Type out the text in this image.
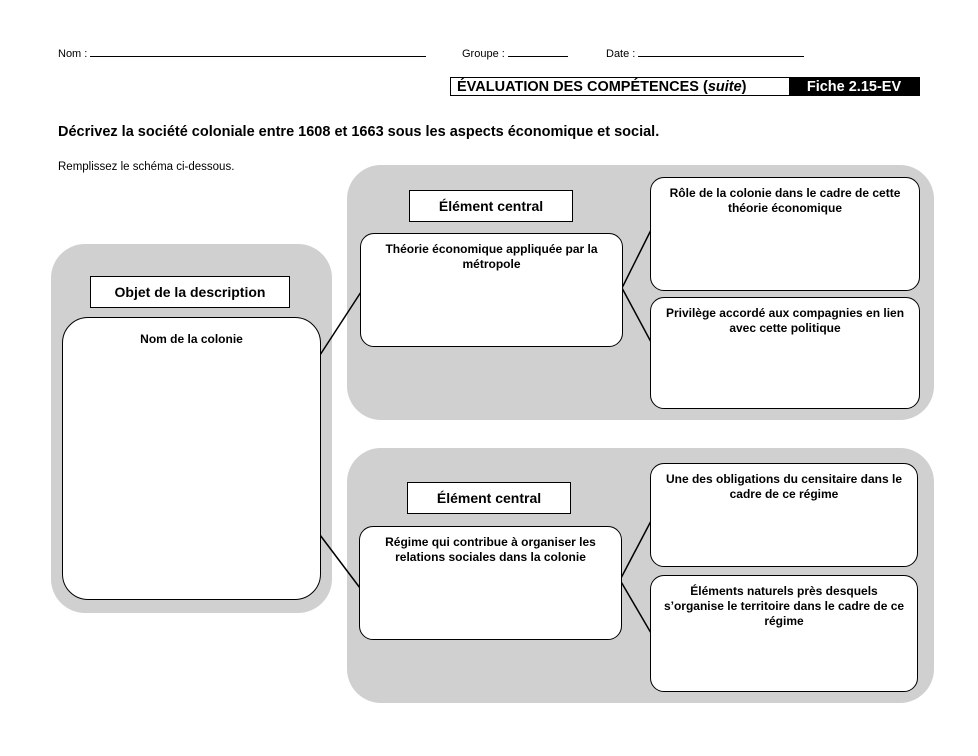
Nom :	Groupe :	Date :
ÉVALUATION DES COMPÉTENCES (suite)	Fiche 2.15-EV
Décrivez la société coloniale entre 1608 et 1663 sous les aspects économique et social.
Remplissez le schéma ci-dessous.
Objet de la description
Nom de la colonie
Élément central
Théorie économique appliquée par la métropole
Rôle de la colonie dans le cadre de cette théorie économique
Privilège accordé aux compagnies en lien avec cette politique
Élément central
Régime qui contribue à organiser les relations sociales dans la colonie
Une des obligations du censitaire dans le cadre de ce régime
Éléments naturels près desquels s’organise le territoire dans le cadre de ce régime
